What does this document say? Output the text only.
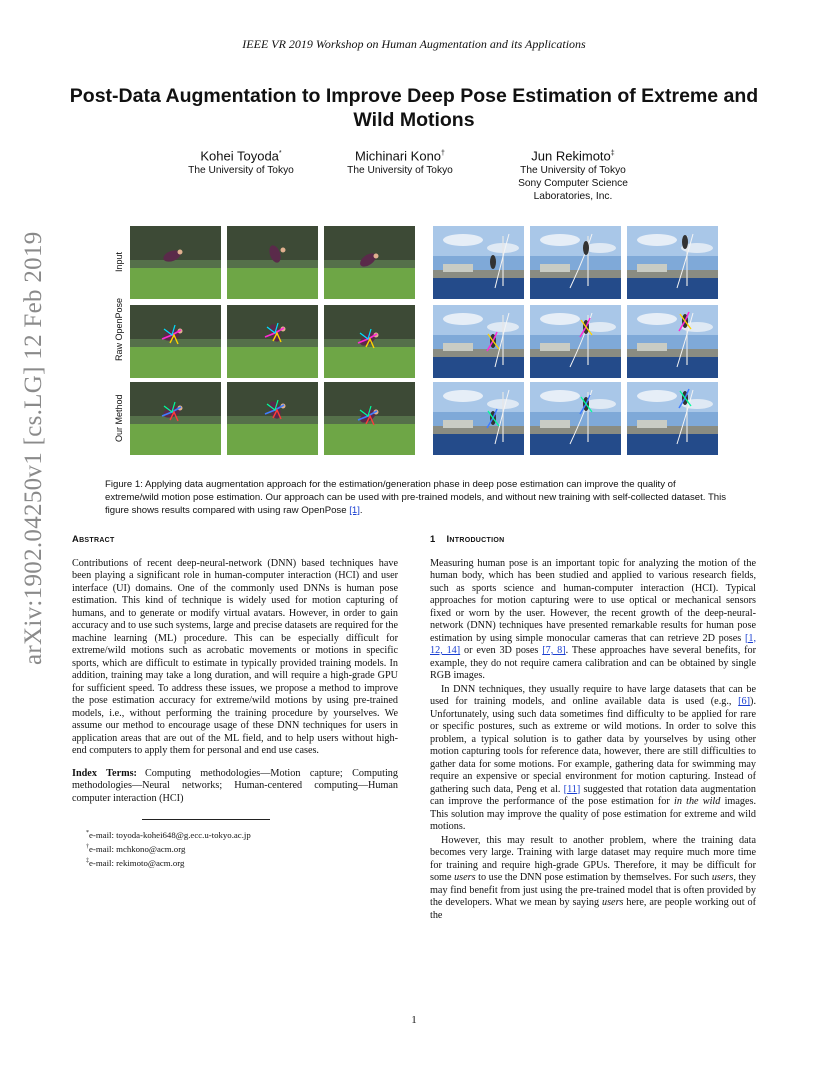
IEEE VR 2019 Workshop on Human Augmentation and its Applications
Post-Data Augmentation to Improve Deep Pose Estimation of Extreme and Wild Motions
Kohei Toyoda*
The University of Tokyo
Michinari Kono†
The University of Tokyo
Jun Rekimoto‡
The University of Tokyo
Sony Computer Science
Laboratories, Inc.
arXiv:1902.04250v1 [cs.LG] 12 Feb 2019	Input
Raw OpenPose
Our Method
Figure 1: Applying data augmentation approach for the estimation/generation phase in deep pose estimation can improve the quality of extreme/wild motion pose estimation. Our approach can be used with pre-trained models, and without new training with self-collected dataset. This figure shows results compared with using raw OpenPose [1].
Abstract
Contributions of recent deep-neural-network (DNN) based techniques have been playing a significant role in human-computer interaction (HCI) and user interface (UI) domains. One of the commonly used DNNs is human pose estimation. This kind of technique is widely used for motion capturing of humans, and to generate or modify virtual avatars. However, in order to gain accuracy and to use such systems, large and precise datasets are required for the machine learning (ML) procedure. This can be especially difficult for extreme/wild motions such as acrobatic movements or motions in specific sports, which are difficult to estimate in typically provided training models. In addition, training may take a long duration, and will require a high-grade GPU for sufficient speed. To address these issues, we propose a method to improve the pose estimation accuracy for extreme/wild motions by using pre-trained models, i.e., without performing the training procedure by yourselves. We assume our method to encourage usage of these DNN techniques for users in application areas that are out of the ML field, and to help users without high-end computers to apply them for personal and end use cases.
Index Terms: Computing methodologies—Motion capture; Computing methodologies—Neural networks; Human-centered computing—Human computer interaction (HCI)
*e-mail: toyoda-kohei648@g.ecc.u-tokyo.ac.jp
†e-mail: mchkono@acm.org
‡e-mail: rekimoto@acm.org
1 Introduction
Measuring human pose is an important topic for analyzing the motion of the human body, which has been studied and applied to various research fields, such as sports science and human-computer interaction (HCI). Typical approaches for motion capturing were to use optical or mechanical sensors fixed or worn by the user. However, the recent growth of the deep-neural-network (DNN) techniques have presented remarkable results for human pose estimation by using simple monocular cameras that can retrieve 2D poses [1, 12, 14] or even 3D poses [7, 8]. These approaches have several benefits, for example, they do not require camera calibration and can be obtained by single RGB images.
In DNN techniques, they usually require to have large datasets that can be used for training models, and online available data is used (e.g., [6]). Unfortunately, using such data sometimes find difficulty to be applied for rare or specific postures, such as extreme or wild motions. In order to solve this problem, a typical solution is to gather data by yourselves by using other motion capturing tools for reference data, however, there are still difficulties to gather data for some motions. For example, gathering data for swimming may require an expensive or special environment for motion capturing. Instead of gathering such data, Peng et al. [11] suggested that rotation data augmentation can improve the performance of the pose estimation for in the wild images. This solution may improve the quality of pose estimation for extreme and wild motions.
However, this may result to another problem, where the training data becomes very large. Training with large dataset may require much more time for training and require high-grade GPUs. Therefore, it may be difficult for some users to use the DNN pose estimation by themselves. For such users, they may find benefit from just using the pre-trained model that is often provided by the developers. What we mean by saying users here, are people working out of the
1
